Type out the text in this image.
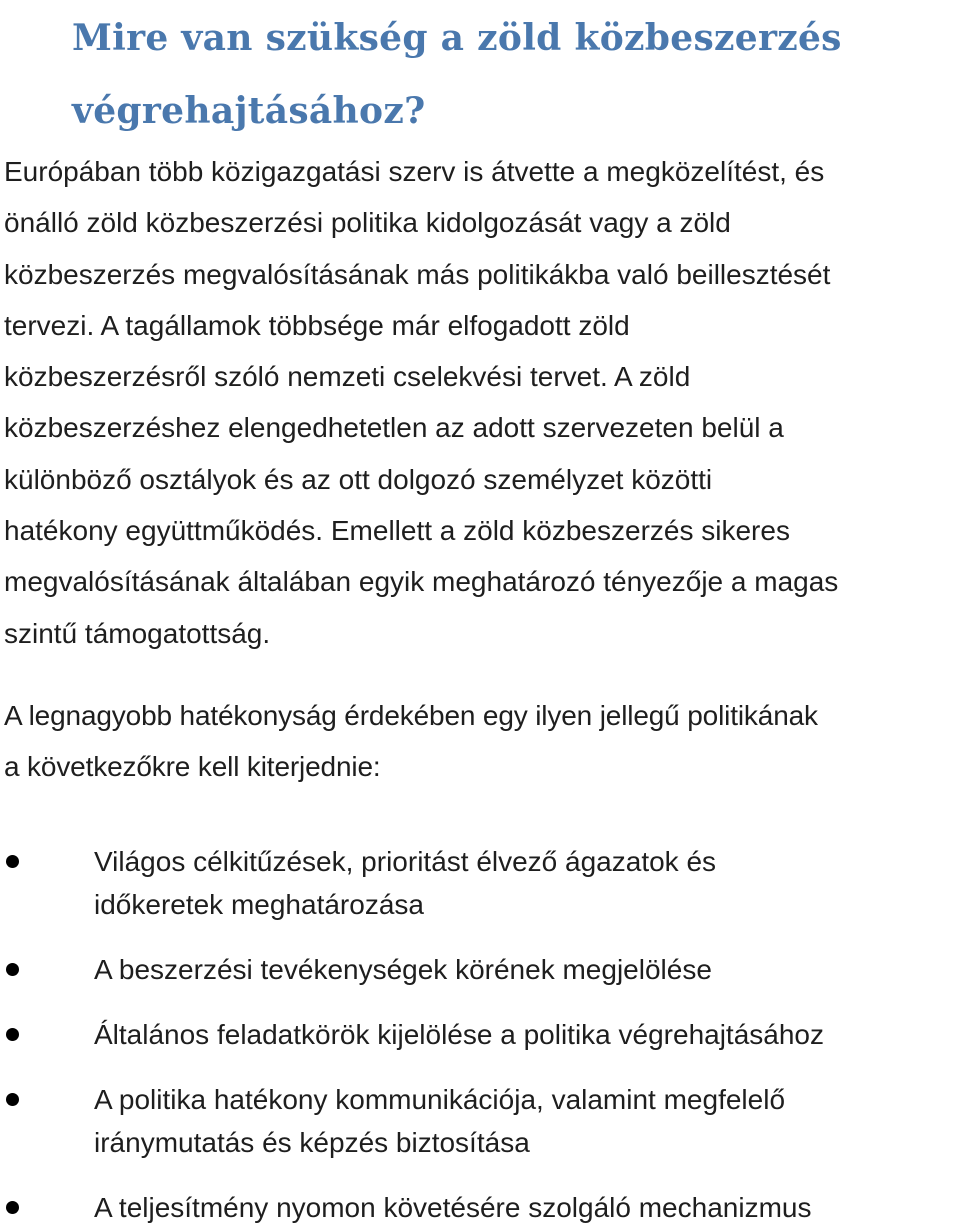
Mire van szükség a zöld közbeszerzés
végrehajtásához?

Európában több közigazgatási szerv is átvette a megközelítést, és
önálló zöld közbeszerzési politika kidolgozását vagy a zöld
közbeszerzés megvalósításának más politikákba való beillesztését
tervezi. A tagállamok többsége már elfogadott zöld
közbeszerzésről szóló nemzeti cselekvési tervet. A zöld
közbeszerzéshez elengedhetetlen az adott szervezeten belül a
különböző osztályok és az ott dolgozó személyzet közötti
hatékony együttműködés. Emellett a zöld közbeszerzés sikeres
megvalósításának általában egyik meghatározó tényezője a magas
szintű támogatottság.

A legnagyobb hatékonyság érdekében egy ilyen jellegű politikának
a következőkre kell kiterjednie:

Világos célkitűzések, prioritást élvező ágazatok és
időkeretek meghatározása
A beszerzési tevékenységek körének megjelölése
Általános feladatkörök kijelölése a politika végrehajtásához
A politika hatékony kommunikációja, valamint megfelelő
iránymutatás és képzés biztosítása
A teljesítmény nyomon követésére szolgáló mechanizmus
